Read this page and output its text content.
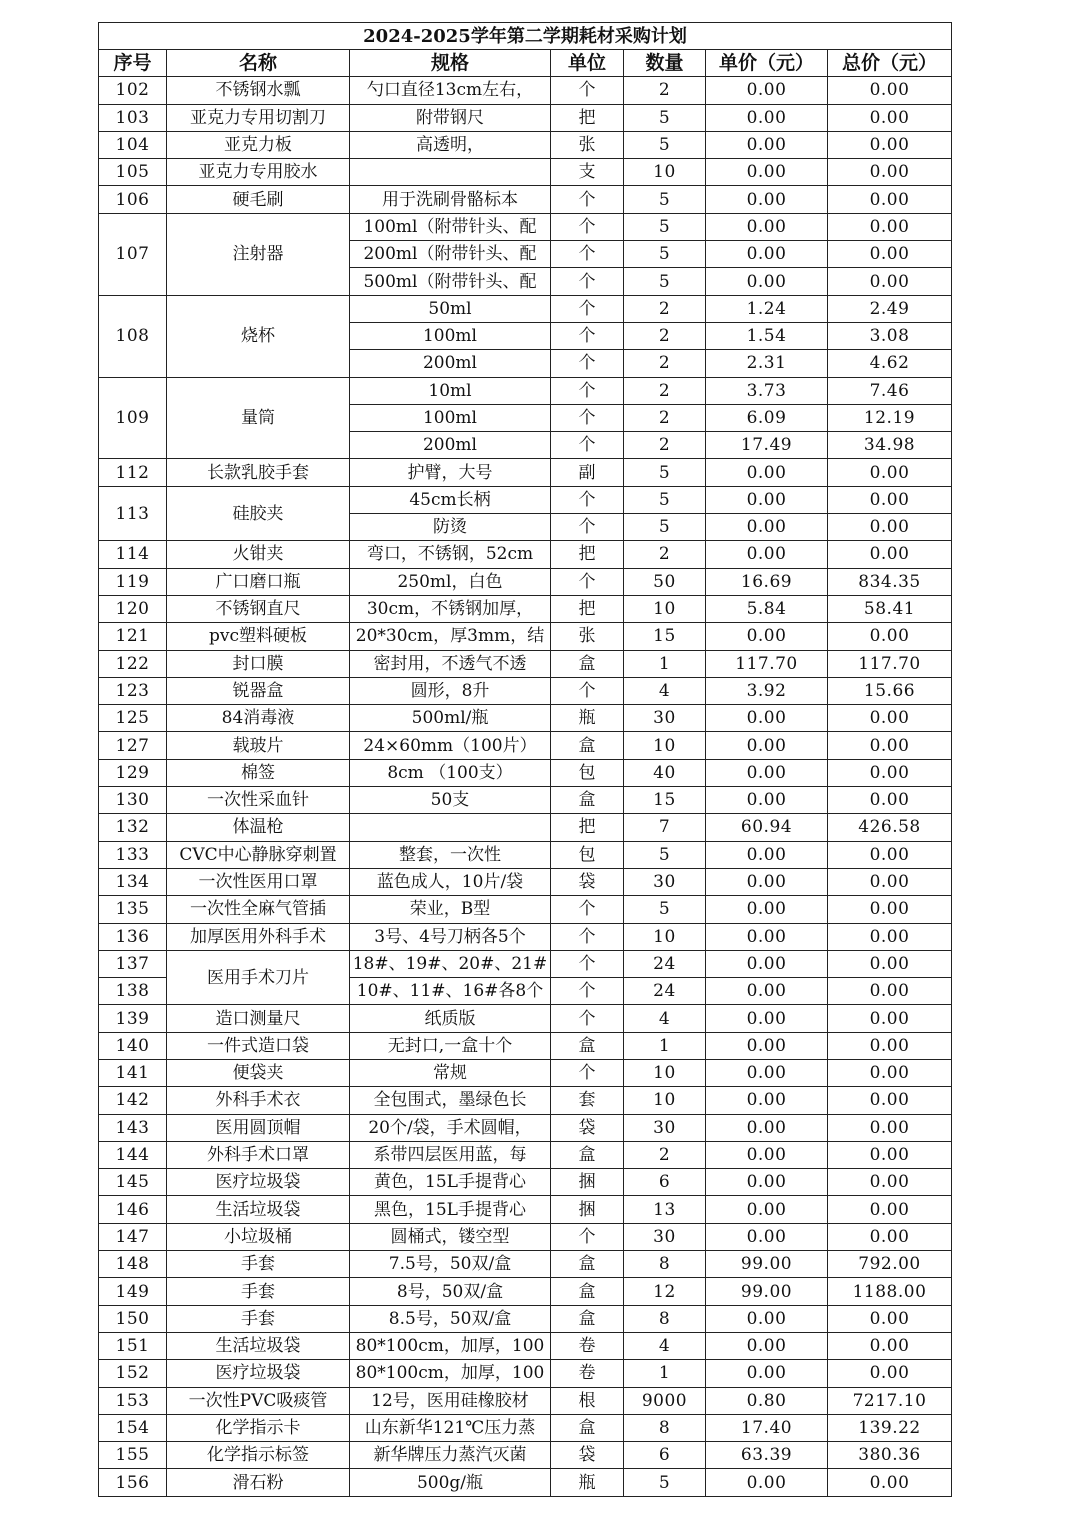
2024-2025学年第二学期耗材采购计划
序号	名称	规格	单位	数量	单价（元）	总价（元）
102	不锈钢水瓢	勺口直径13cm左右，	个	2	0.00	0.00
103	亚克力专用切割刀	附带钢尺	把	5	0.00	0.00
104	亚克力板	高透明，	张	5	0.00	0.00
105	亚克力专用胶水		支	10	0.00	0.00
106	硬毛刷	用于洗刷骨骼标本	个	5	0.00	0.00
107	注射器	100ml（附带针头、配	个	5	0.00	0.00
		200ml（附带针头、配	个	5	0.00	0.00
		500ml（附带针头、配	个	5	0.00	0.00
108	烧杯	50ml	个	2	1.24	2.49
		100ml	个	2	1.54	3.08
		200ml	个	2	2.31	4.62
109	量筒	10ml	个	2	3.73	7.46
		100ml	个	2	6.09	12.19
		200ml	个	2	17.49	34.98
112	长款乳胶手套	护臂，大号	副	5	0.00	0.00
113	硅胶夹	45cm长柄	个	5	0.00	0.00
		防烫	个	5	0.00	0.00
114	火钳夹	弯口，不锈钢，52cm	把	2	0.00	0.00
119	广口磨口瓶	250ml，白色	个	50	16.69	834.35
120	不锈钢直尺	30cm，不锈钢加厚，	把	10	5.84	58.41
121	pvc塑料硬板	20*30cm，厚3mm，结	张	15	0.00	0.00
122	封口膜	密封用，不透气不透	盒	1	117.70	117.70
123	锐器盒	圆形，8升	个	4	3.92	15.66
125	84消毒液	500ml/瓶	瓶	30	0.00	0.00
127	载玻片	24×60mm（100片）	盒	10	0.00	0.00
129	棉签	8cm （100支）	包	40	0.00	0.00
130	一次性采血针	50支	盒	15	0.00	0.00
132	体温枪		把	7	60.94	426.58
133	CVC中心静脉穿刺置	整套，一次性	包	5	0.00	0.00
134	一次性医用口罩	蓝色成人，10片/袋	袋	30	0.00	0.00
135	一次性全麻气管插	荣业，B型	个	5	0.00	0.00
136	加厚医用外科手术	3号、4号刀柄各5个	个	10	0.00	0.00
137	医用手术刀片	18#、19#、20#、21#	个	24	0.00	0.00
138		10#、11#、16#各8个	个	24	0.00	0.00
139	造口测量尺	纸质版	个	4	0.00	0.00
140	一件式造口袋	无封口,一盒十个	盒	1	0.00	0.00
141	便袋夹	常规	个	10	0.00	0.00
142	外科手术衣	全包围式，墨绿色长	套	10	0.00	0.00
143	医用圆顶帽	20个/袋，手术圆帽，	袋	30	0.00	0.00
144	外科手术口罩	系带四层医用蓝，每	盒	2	0.00	0.00
145	医疗垃圾袋	黄色，15L手提背心	捆	6	0.00	0.00
146	生活垃圾袋	黑色，15L手提背心	捆	13	0.00	0.00
147	小垃圾桶	圆桶式，镂空型	个	30	0.00	0.00
148	手套	7.5号，50双/盒	盒	8	99.00	792.00
149	手套	8号，50双/盒	盒	12	99.00	1188.00
150	手套	8.5号，50双/盒	盒	8	0.00	0.00
151	生活垃圾袋	80*100cm，加厚，100	卷	4	0.00	0.00
152	医疗垃圾袋	80*100cm，加厚，100	卷	1	0.00	0.00
153	一次性PVC吸痰管	12号，医用硅橡胶材	根	9000	0.80	7217.10
154	化学指示卡	山东新华121℃压力蒸	盒	8	17.40	139.22
155	化学指示标签	新华牌压力蒸汽灭菌	袋	6	63.39	380.36
156	滑石粉	500g/瓶	瓶	5	0.00	0.00
